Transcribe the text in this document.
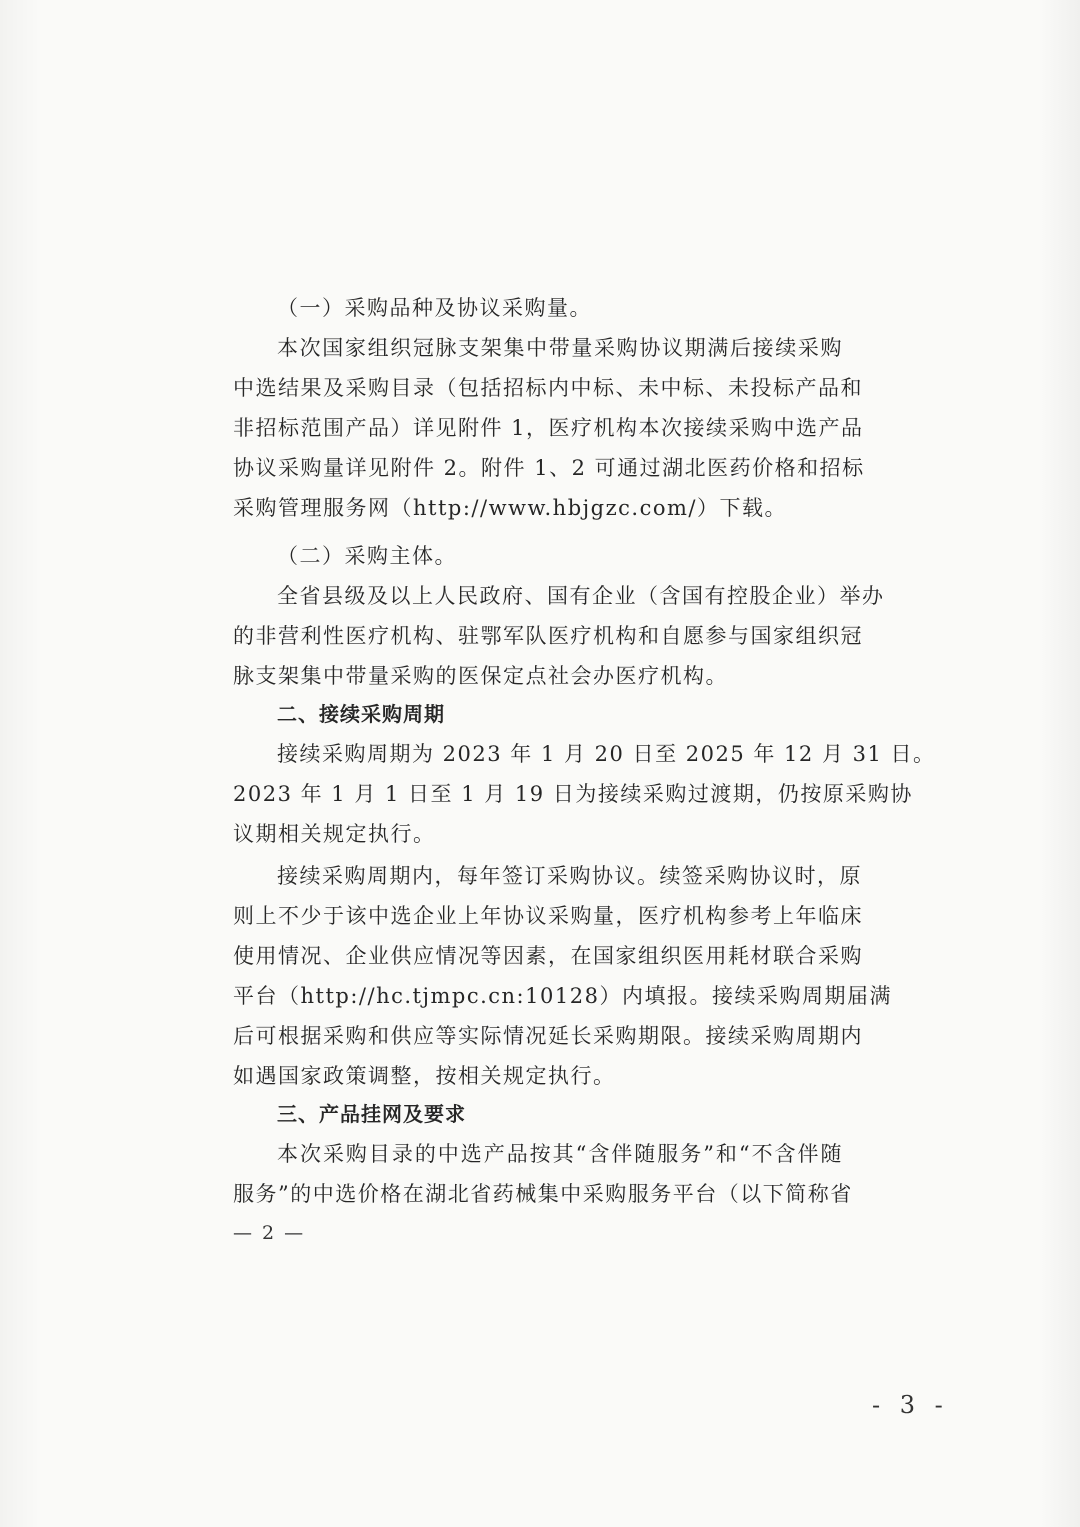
（一）采购品种及协议采购量。
本次国家组织冠脉支架集中带量采购协议期满后接续采购
中选结果及采购目录（包括招标内中标、未中标、未投标产品和
非招标范围产品）详见附件 1，医疗机构本次接续采购中选产品
协议采购量详见附件 2。附件 1、2 可通过湖北医药价格和招标
采购管理服务网（http://www.hbjgzc.com/）下载。
（二）采购主体。
全省县级及以上人民政府、国有企业（含国有控股企业）举办
的非营利性医疗机构、驻鄂军队医疗机构和自愿参与国家组织冠
脉支架集中带量采购的医保定点社会办医疗机构。
二、接续采购周期
接续采购周期为 2023 年 1 月 20 日至 2025 年 12 月 31 日。
2023 年 1 月 1 日至 1 月 19 日为接续采购过渡期，仍按原采购协
议期相关规定执行。
接续采购周期内，每年签订采购协议。续签采购协议时，原
则上不少于该中选企业上年协议采购量，医疗机构参考上年临床
使用情况、企业供应情况等因素，在国家组织医用耗材联合采购
平台（http://hc.tjmpc.cn:10128）内填报。接续采购周期届满
后可根据采购和供应等实际情况延长采购期限。接续采购周期内
如遇国家政策调整，按相关规定执行。
三、产品挂网及要求
本次采购目录的中选产品按其“含伴随服务”和“不含伴随
服务”的中选价格在湖北省药械集中采购服务平台（以下简称省
— 2 —
- 3 -
